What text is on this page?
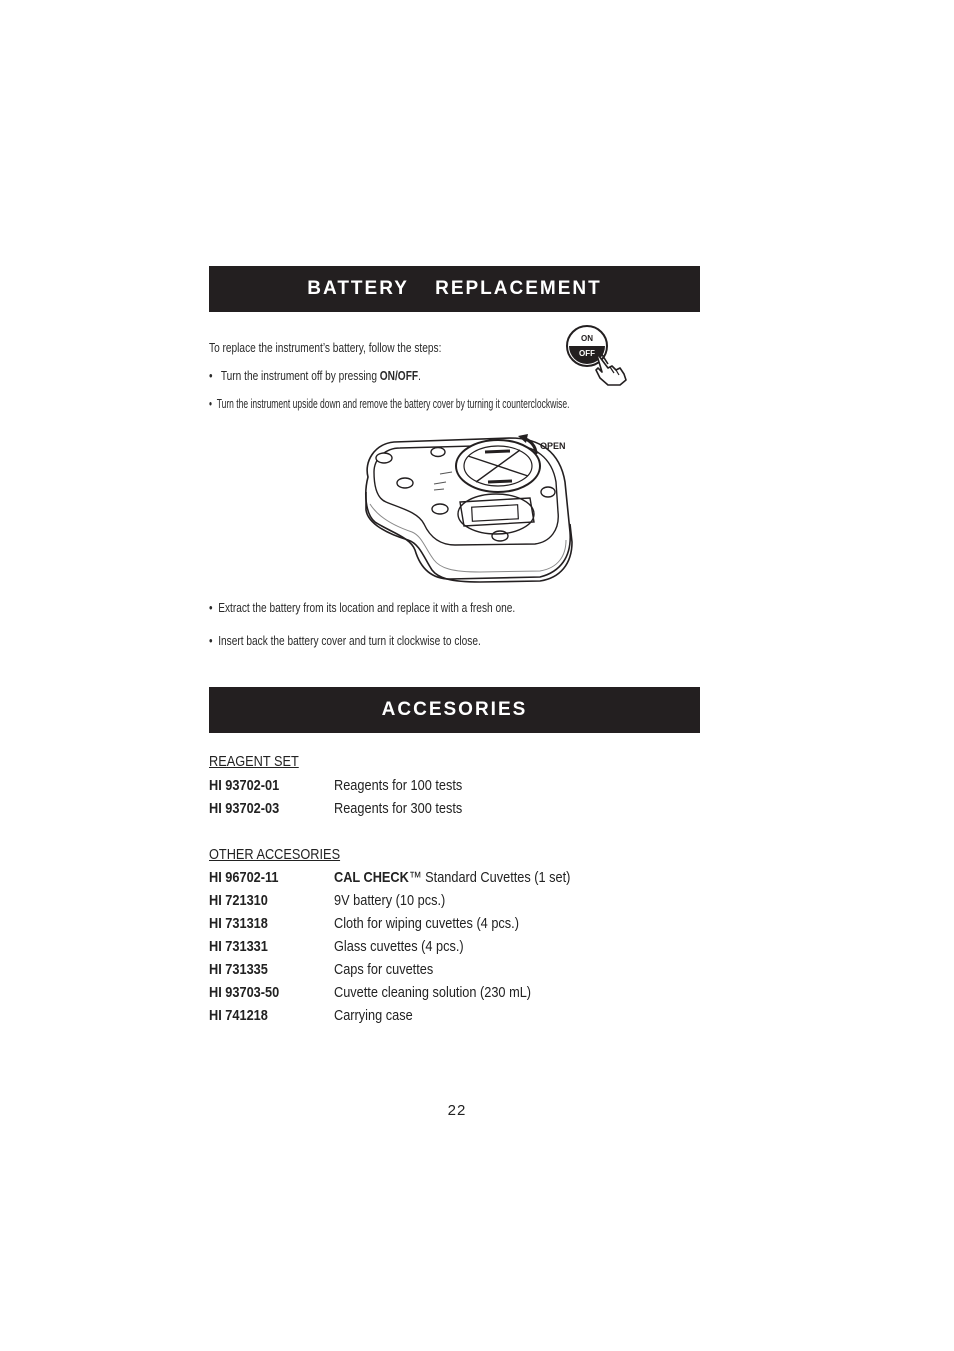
BATTERY  REPLACEMENT
To replace the instrument’s battery, follow the steps:
•  Turn the instrument off by pressing ON/OFF.
•  Turn the instrument upside down and remove the battery cover by turning it counterclockwise.
ON
OFF
OPEN
•  Extract the battery from its location and replace it with a fresh one.
•  Insert back the battery cover and turn it clockwise to close.
ACCESORIES
REAGENT SET
HI 93702-01	Reagents for 100 tests
HI 93702-03	Reagents for 300 tests
OTHER ACCESORIES
HI 96702-11	CAL CHECK™ Standard Cuvettes (1 set)
HI 721310	9V battery (10 pcs.)
HI 731318	Cloth for wiping cuvettes (4 pcs.)
HI 731331	Glass cuvettes (4 pcs.)
HI 731335	Caps for cuvettes
HI 93703-50	Cuvette cleaning solution (230 mL)
HI 741218	Carrying case
22
